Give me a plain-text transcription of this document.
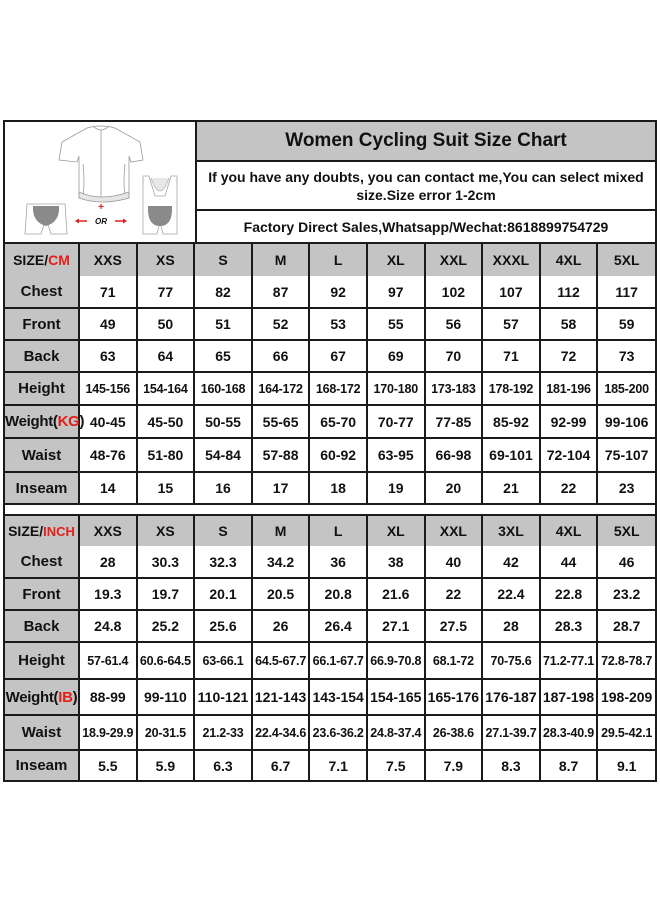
+
OR
Women Cycling Suit Size Chart
If you have any doubts, you can contact me,You can select mixed size.Size error 1-2cm
Factory Direct Sales,Whatsapp/Wechat:8618899754729
SIZE/CM	XXS	XS	S	M	L	XL	XXL	XXXL	4XL	5XL
Chest	71	77	82	87	92	97	102	107	112	117
Front	49	50	51	52	53	55	56	57	58	59
Back	63	64	65	66	67	69	70	71	72	73
Height	145-156	154-164	160-168	164-172	168-172	170-180	173-183	178-192	181-196	185-200
Weight(KG)	40-45	45-50	50-55	55-65	65-70	70-77	77-85	85-92	92-99	99-106
Waist	48-76	51-80	54-84	57-88	60-92	63-95	66-98	69-101	72-104	75-107
Inseam	14	15	16	17	18	19	20	21	22	23
SIZE/INCH	XXS	XS	S	M	L	XL	XXL	3XL	4XL	5XL
Chest	28	30.3	32.3	34.2	36	38	40	42	44	46
Front	19.3	19.7	20.1	20.5	20.8	21.6	22	22.4	22.8	23.2
Back	24.8	25.2	25.6	26	26.4	27.1	27.5	28	28.3	28.7
Height	57-61.4	60.6-64.5	63-66.1	64.5-67.7	66.1-67.7	66.9-70.8	68.1-72	70-75.6	71.2-77.1	72.8-78.7
Weight(IB)	88-99	99-110	110-121	121-143	143-154	154-165	165-176	176-187	187-198	198-209
Waist	18.9-29.9	20-31.5	21.2-33	22.4-34.6	23.6-36.2	24.8-37.4	26-38.6	27.1-39.7	28.3-40.9	29.5-42.1
Inseam	5.5	5.9	6.3	6.7	7.1	7.5	7.9	8.3	8.7	9.1
